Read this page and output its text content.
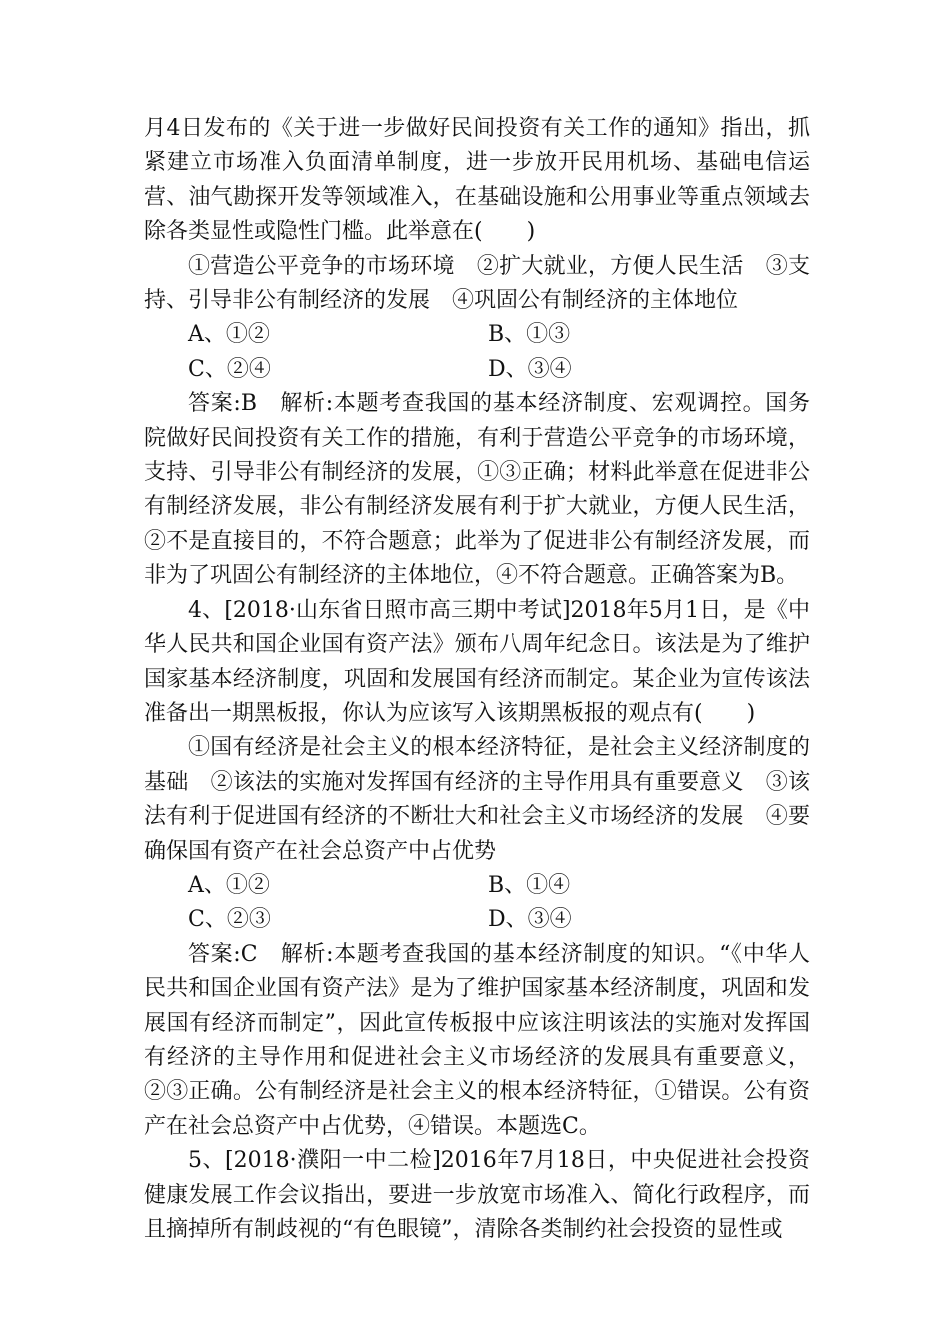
月4日发布的《关于进一步做好民间投资有关工作的通知》指出，抓紧建立市场准入负面清单制度，进一步放开民用机场、基础电信运营、油气勘探开发等领域准入，在基础设施和公用事业等重点领域去除各类显性或隐性门槛。此举意在(　　)

①营造公平竞争的市场环境　②扩大就业，方便人民生活　③支持、引导非公有制经济的发展　④巩固公有制经济的主体地位

A、①②	B、①③
C、②④	D、③④

答案:B　解析:本题考查我国的基本经济制度、宏观调控。国务院做好民间投资有关工作的措施，有利于营造公平竞争的市场环境，支持、引导非公有制经济的发展，①③正确；材料此举意在促进非公有制经济发展，非公有制经济发展有利于扩大就业，方便人民生活，②不是直接目的，不符合题意；此举为了促进非公有制经济发展，而非为了巩固公有制经济的主体地位，④不符合题意。正确答案为B。

4、[2018·山东省日照市高三期中考试]2018年5月1日，是《中华人民共和国企业国有资产法》颁布八周年纪念日。该法是为了维护国家基本经济制度，巩固和发展国有经济而制定。某企业为宣传该法准备出一期黑板报，你认为应该写入该期黑板报的观点有(　　)

①国有经济是社会主义的根本经济特征，是社会主义经济制度的基础　②该法的实施对发挥国有经济的主导作用具有重要意义　③该法有利于促进国有经济的不断壮大和社会主义市场经济的发展　④要确保国有资产在社会总资产中占优势

A、①②	B、①④
C、②③	D、③④

答案:C　解析:本题考查我国的基本经济制度的知识。“《中华人民共和国企业国有资产法》是为了维护国家基本经济制度，巩固和发展国有经济而制定”，因此宣传板报中应该注明该法的实施对发挥国有经济的主导作用和促进社会主义市场经济的发展具有重要意义，②③正确。公有制经济是社会主义的根本经济特征，①错误。公有资产在社会总资产中占优势，④错误。本题选C。

5、[2018·濮阳一中二检]2016年7月18日，中央促进社会投资健康发展工作会议指出，要进一步放宽市场准入、简化行政程序，而且摘掉所有制歧视的“有色眼镜”，清除各类制约社会投资的显性或
